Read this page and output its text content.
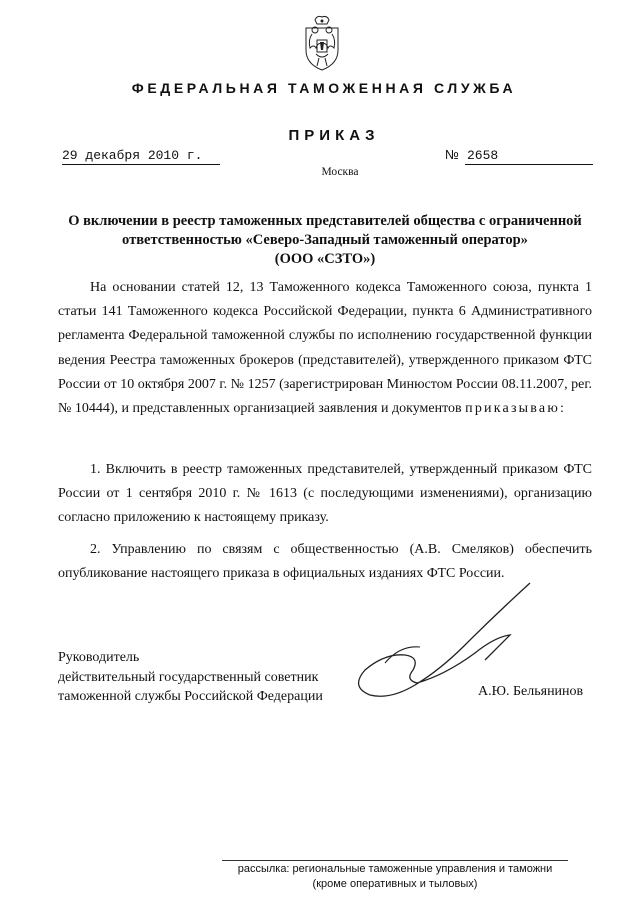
ФЕДЕРАЛЬНАЯ ТАМОЖЕННАЯ СЛУЖБА
ПРИКАЗ
29 декабря 2010 г.	№ 2658
Москва
О включении в реестр таможенных представителей общества с ограниченной
ответственностью «Северо-Западный таможенный оператор»
(ООО «СЗТО»)
На основании статей 12, 13 Таможенного кодекса Таможенного союза, пункта 1 статьи 141 Таможенного кодекса Российской Федерации, пункта 6 Административного регламента Федеральной таможенной службы по исполнению государственной функции ведения Реестра таможенных брокеров (представителей), утвержденного приказом ФТС России от 10 октября 2007 г. № 1257 (зарегистрирован Минюстом России 08.11.2007, рег. № 10444), и представленных организацией заявления и документов приказываю:
1. Включить в реестр таможенных представителей, утвержденный приказом ФТС России от 1 сентября 2010 г. № 1613 (с последующими изменениями), организацию согласно приложению к настоящему приказу.
2. Управлению по связям с общественностью (А.В. Смеляков) обеспечить опубликование настоящего приказа в официальных изданиях ФТС России.
Руководитель
действительный государственный советник
таможенной службы Российской Федерации	А.Ю. Бельянинов
рассылка: региональные таможенные управления и таможни
(кроме оперативных и тыловых)
